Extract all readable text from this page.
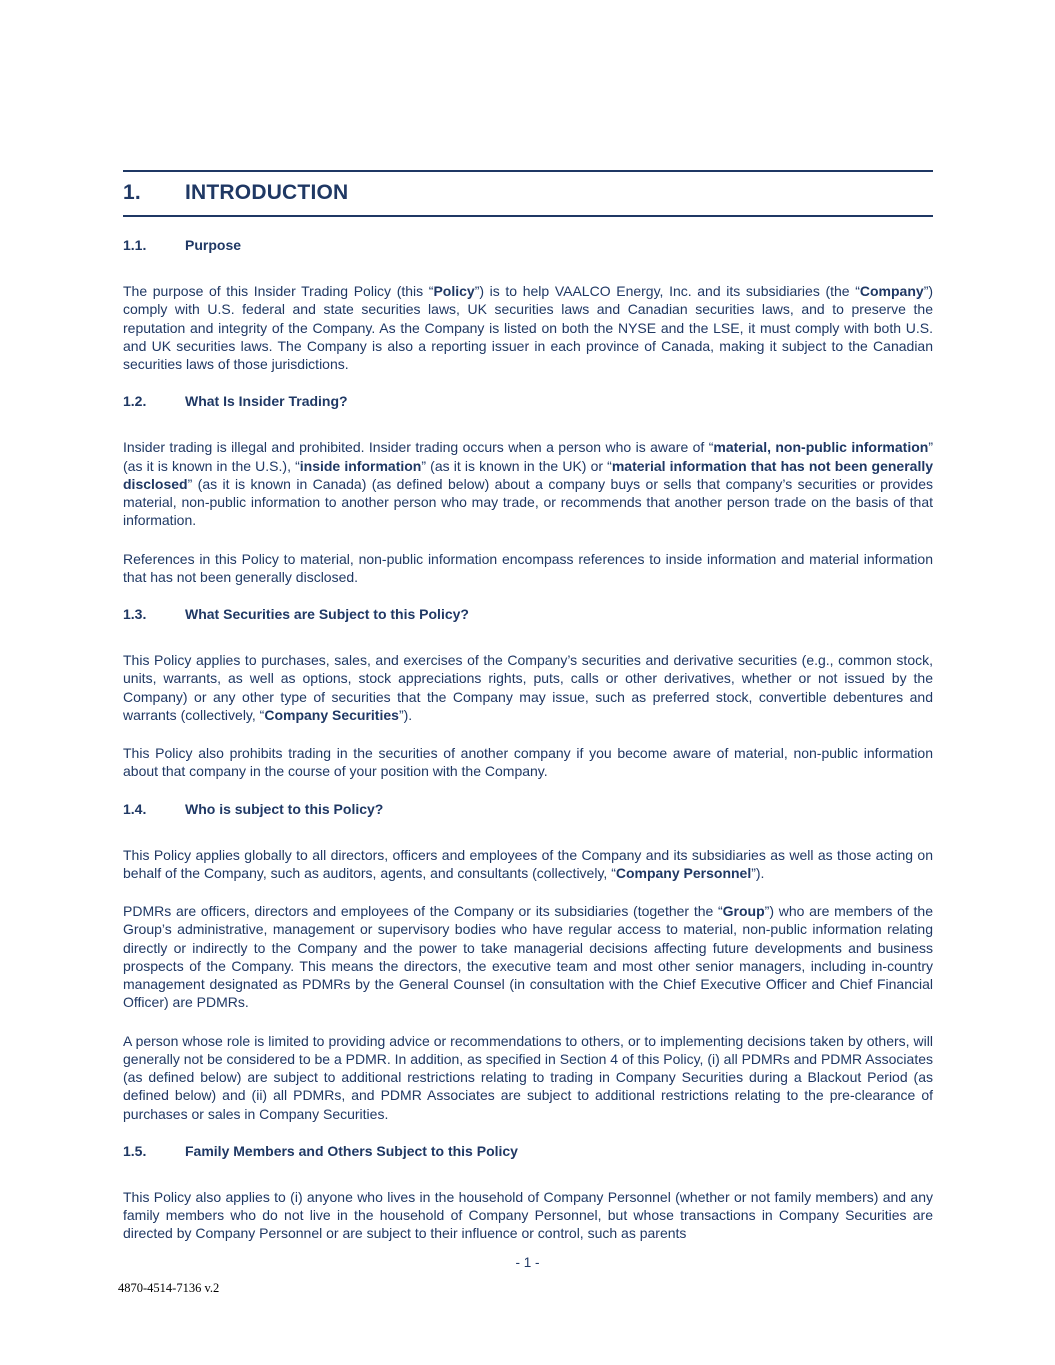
1.	INTRODUCTION
1.1.	Purpose

The purpose of this Insider Trading Policy (this “Policy”) is to help VAALCO Energy, Inc. and its subsidiaries (the “Company”) comply with U.S. federal and state securities laws, UK securities laws and Canadian securities laws, and to preserve the reputation and integrity of the Company. As the Company is listed on both the NYSE and the LSE, it must comply with both U.S. and UK securities laws. The Company is also a reporting issuer in each province of Canada, making it subject to the Canadian securities laws of those jurisdictions.

1.2.	What Is Insider Trading?

Insider trading is illegal and prohibited. Insider trading occurs when a person who is aware of “material, non-public information” (as it is known in the U.S.), “inside information” (as it is known in the UK) or “material information that has not been generally disclosed” (as it is known in Canada) (as defined below) about a company buys or sells that company’s securities or provides material, non-public information to another person who may trade, or recommends that another person trade on the basis of that information.

References in this Policy to material, non-public information encompass references to inside information and material information that has not been generally disclosed.

1.3.	What Securities are Subject to this Policy?

This Policy applies to purchases, sales, and exercises of the Company’s securities and derivative securities (e.g., common stock, units, warrants, as well as options, stock appreciations rights, puts, calls or other derivatives, whether or not issued by the Company) or any other type of securities that the Company may issue, such as preferred stock, convertible debentures and warrants (collectively, “Company Securities”).

This Policy also prohibits trading in the securities of another company if you become aware of material, non-public information about that company in the course of your position with the Company.

1.4.	Who is subject to this Policy?

This Policy applies globally to all directors, officers and employees of the Company and its subsidiaries as well as those acting on behalf of the Company, such as auditors, agents, and consultants (collectively, “Company Personnel”).

PDMRs are officers, directors and employees of the Company or its subsidiaries (together the “Group”) who are members of the Group’s administrative, management or supervisory bodies who have regular access to material, non-public information relating directly or indirectly to the Company and the power to take managerial decisions affecting future developments and business prospects of the Company. This means the directors, the executive team and most other senior managers, including in-country management designated as PDMRs by the General Counsel (in consultation with the Chief Executive Officer and Chief Financial Officer) are PDMRs.

A person whose role is limited to providing advice or recommendations to others, or to implementing decisions taken by others, will generally not be considered to be a PDMR. In addition, as specified in Section 4 of this Policy, (i) all PDMRs and PDMR Associates (as defined below) are subject to additional restrictions relating to trading in Company Securities during a Blackout Period (as defined below) and (ii) all PDMRs, and PDMR Associates are subject to additional restrictions relating to the pre-clearance of purchases or sales in Company Securities.

1.5.	Family Members and Others Subject to this Policy

This Policy also applies to (i) anyone who lives in the household of Company Personnel (whether or not family members) and any family members who do not live in the household of Company Personnel, but whose transactions in Company Securities are directed by Company Personnel or are subject to their influence or control, such as parents

- 1 -
4870-4514-7136 v.2
